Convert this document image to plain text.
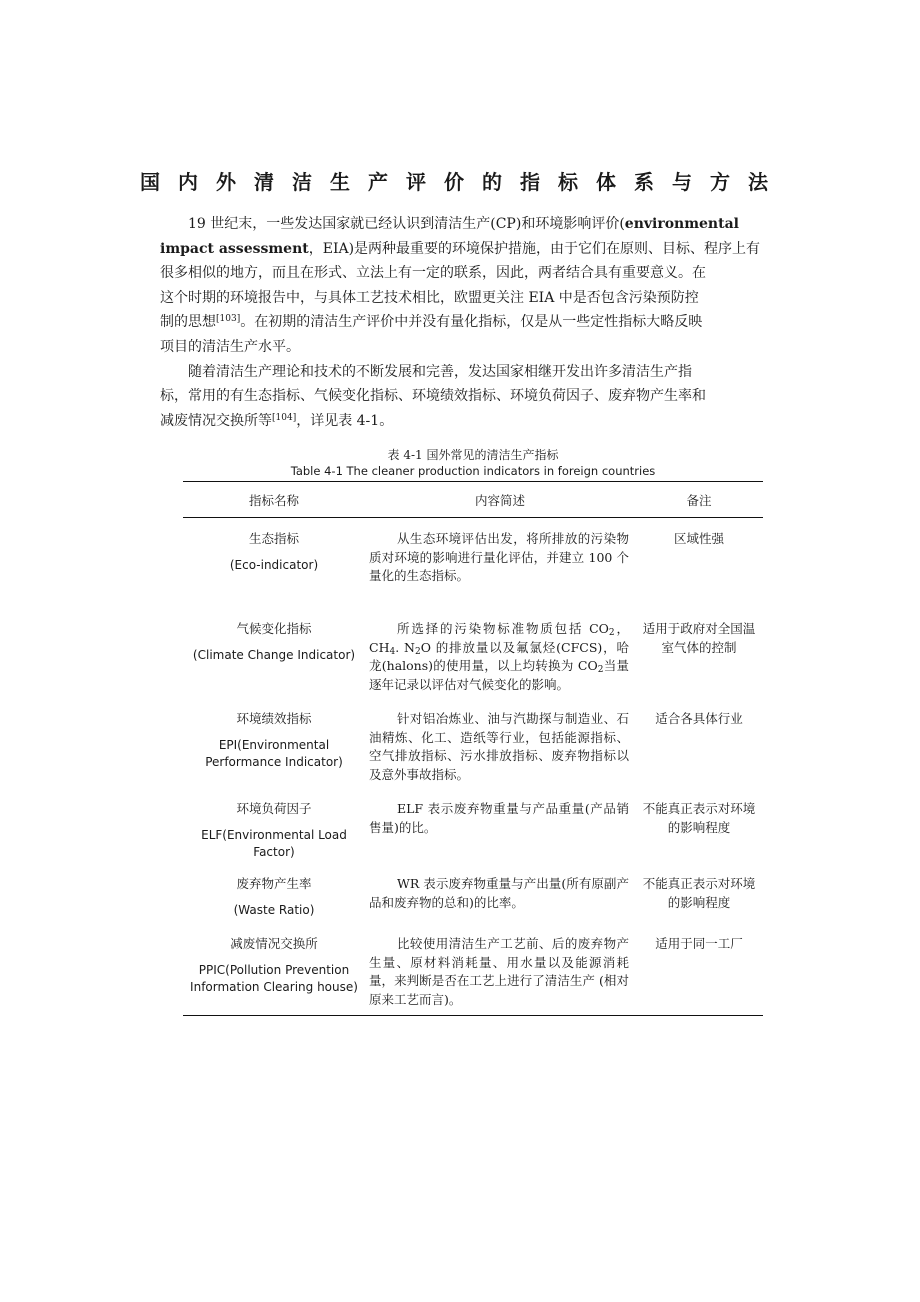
国内外清洁生产评价的指标体系与方法
19 世纪末，一些发达国家就已经认识到清洁生产(CP)和环境影响评价(environmental
impact assessment，EIA)是两种最重要的环境保护措施，由于它们在原则、目标、程序上有
很多相似的地方，而且在形式、立法上有一定的联系，因此，两者结合具有重要意义。在
这个时期的环境报告中，与具体工艺技术相比，欧盟更关注 EIA 中是否包含污染预防控
制的思想[103]。在初期的清洁生产评价中并没有量化指标，仅是从一些定性指标大略反映
项目的清洁生产水平。
随着清洁生产理论和技术的不断发展和完善，发达国家相继开发出许多清洁生产指
标，常用的有生态指标、气候变化指标、环境绩效指标、环境负荷因子、废弃物产生率和
减废情况交换所等[104]，详见表 4-1。
表 4-1 国外常见的清洁生产指标
Table 4-1 The cleaner production indicators in foreign countries
指标名称	内容简述	备注
生态指标
(Eco-indicator)
从生态环境评估出发，将所排放的污染物质对环境的影响进行量化评估，并建立 100 个量化的生态指标。
区域性强
气候变化指标
(Climate Change Indicator)
所选择的污染物标准物质包括 $CO_2$，$CH_4$. $N_2O$ 的排放量以及氟氯烃(CFCS)，哈龙(halons)的使用量，以上均转换为 $CO_2$当量逐年记录以评估对气候变化的影响。
适用于政府对全国温室气体的控制
环境绩效指标
EPI(Environmental Performance Indicator)
针对铝冶炼业、油与汽勘探与制造业、石油精炼、化工、造纸等行业，包括能源指标、空气排放指标、污水排放指标、废弃物指标以及意外事故指标。
适合各具体行业
环境负荷因子
ELF(Environmental Load Factor)
ELF 表示废弃物重量与产品重量(产品销售量)的比。
不能真正表示对环境的影响程度
废弃物产生率
(Waste Ratio)
WR 表示废弃物重量与产出量(所有原副产品和废弃物的总和)的比率。
不能真正表示对环境的影响程度
减废情况交换所
PPIC(Pollution Prevention Information Clearing house)
比较使用清洁生产工艺前、后的废弃物产生量、原材料消耗量、用水量以及能源消耗量，来判断是否在工艺上进行了清洁生产 (相对原来工艺而言)。
适用于同一工厂
